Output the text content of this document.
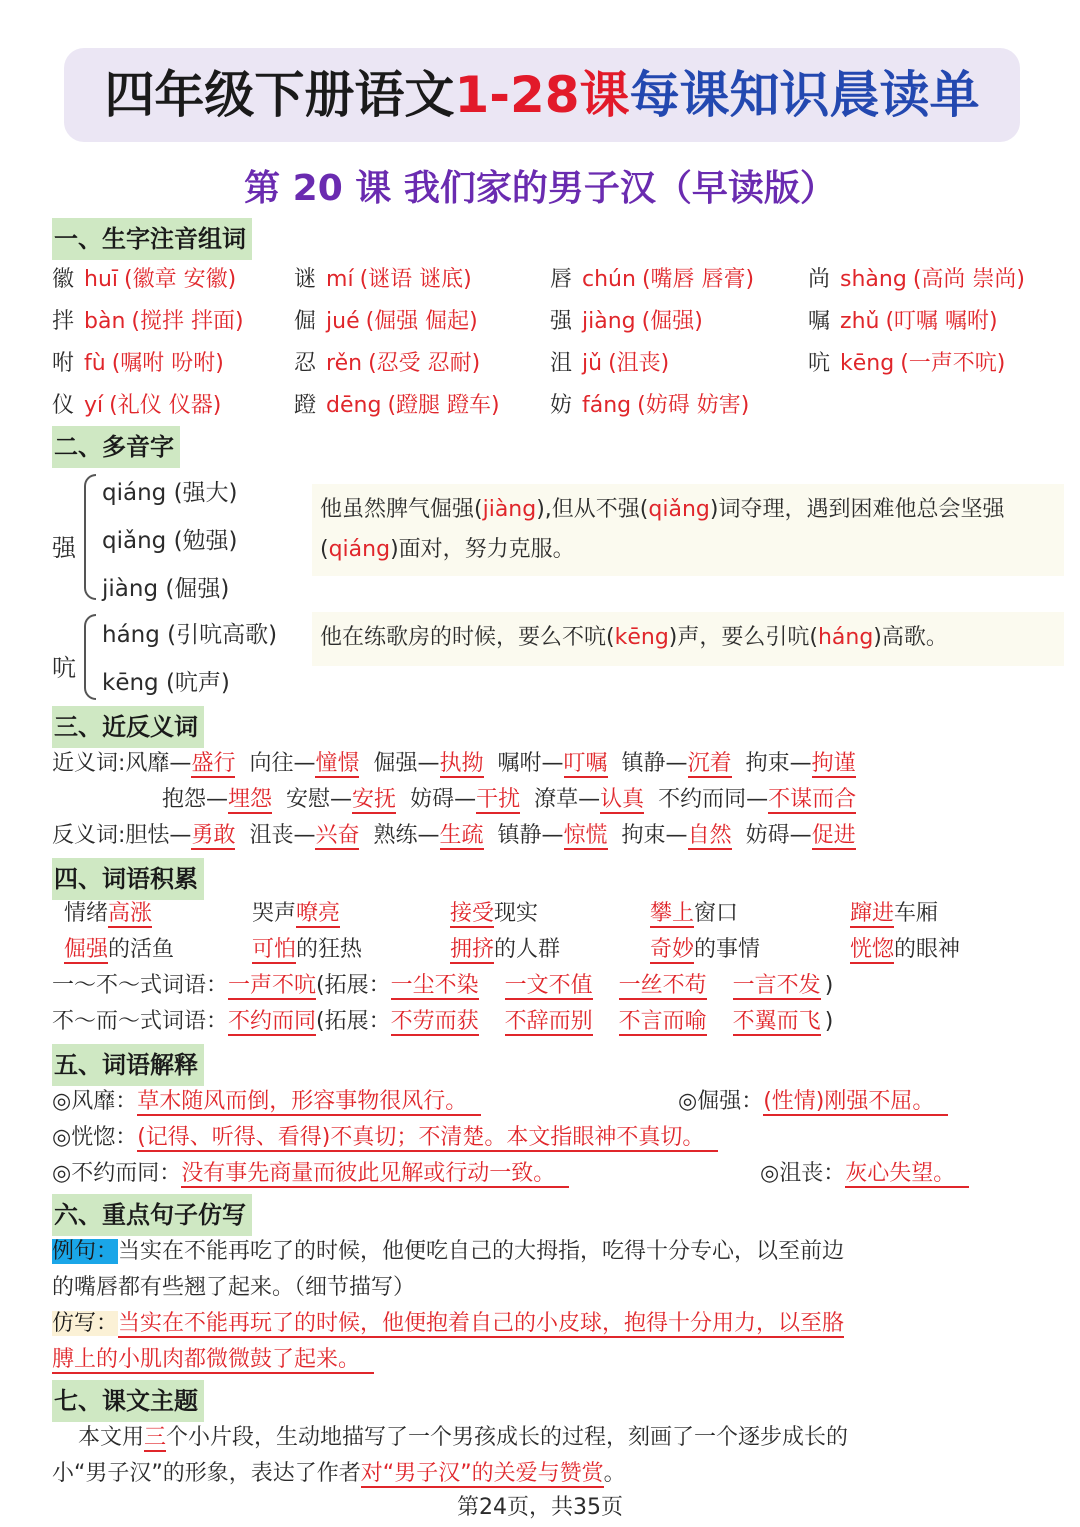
四年级下册语文1-28课每课知识晨读单
第 20 课 我们家的男子汉（早读版）
一、生字注音组词
徽 huī (徽章 安徽)	谜 mí (谜语 谜底)	唇 chún (嘴唇 唇膏) 尚 shàng (高尚 崇尚)
拌 bàn (搅拌 拌面) 倔 jué (倔强 倔起)	强 jiàng (倔强)	嘱 zhǔ (叮嘱 嘱咐)
咐 fù (嘱咐 吩咐)	忍 rěn (忍受 忍耐)	沮 jǔ (沮丧)	吭 kēng (一声不吭)
仪 yí (礼仪 仪器)	蹬 dēng (蹬腿 蹬车) 妨 fáng (妨碍 妨害)
二、多音字
强
qiáng (强大)
qiǎng (勉强)
jiàng (倔强)
他虽然脾气倔强(jiàng),但从不强(qiǎng)词夺理，遇到困难他总会坚强(qiáng)面对，努力克服。
吭
háng (引吭高歌)
kēng (吭声)
他在练歌房的时候，要么不吭(kēng)声，要么引吭(háng)高歌。
三、近反义词
近义词:风靡—盛行 向往—憧憬 倔强—执拗 嘱咐—叮嘱 镇静—沉着 拘束—拘谨
抱怨—埋怨 安慰—安抚 妨碍—干扰 潦草—认真 不约而同—不谋而合
反义词:胆怯—勇敢 沮丧—兴奋 熟练—生疏 镇静—惊慌 拘束—自然 妨碍—促进
四、词语积累
情绪高涨	哭声嘹亮	接受现实	攀上窗口	蹿进车厢
倔强的活鱼	可怕的狂热	拥挤的人群	奇妙的事情	恍惚的眼神
一～不～式词语：一声不吭(拓展：一尘不染 一文不值 一丝不苟 一言不发 )
不～而～式词语：不约而同(拓展：不劳而获 不辞而别 不言而喻 不翼而飞 )
五、词语解释
◎风靡：草木随风而倒，形容事物很风行。	◎倔强：(性情)刚强不屈。
◎恍惚：(记得、听得、看得)不真切；不清楚。本文指眼神不真切。
◎不约而同：没有事先商量而彼此见解或行动一致。	◎沮丧：灰心失望。
六、重点句子仿写
例句：当实在不能再吃了的时候，他便吃自己的大拇指，吃得十分专心，以至前边
的嘴唇都有些翘了起来。（细节描写）
仿写：当实在不能再玩了的时候，他便抱着自己的小皮球，抱得十分用力，以至胳
膊上的小肌肉都微微鼓了起来。
七、课文主题
本文用三个小片段，生动地描写了一个男孩成长的过程，刻画了一个逐步成长的
小“男子汉”的形象，表达了作者对“男子汉”的关爱与赞赏。
第24页，共35页
